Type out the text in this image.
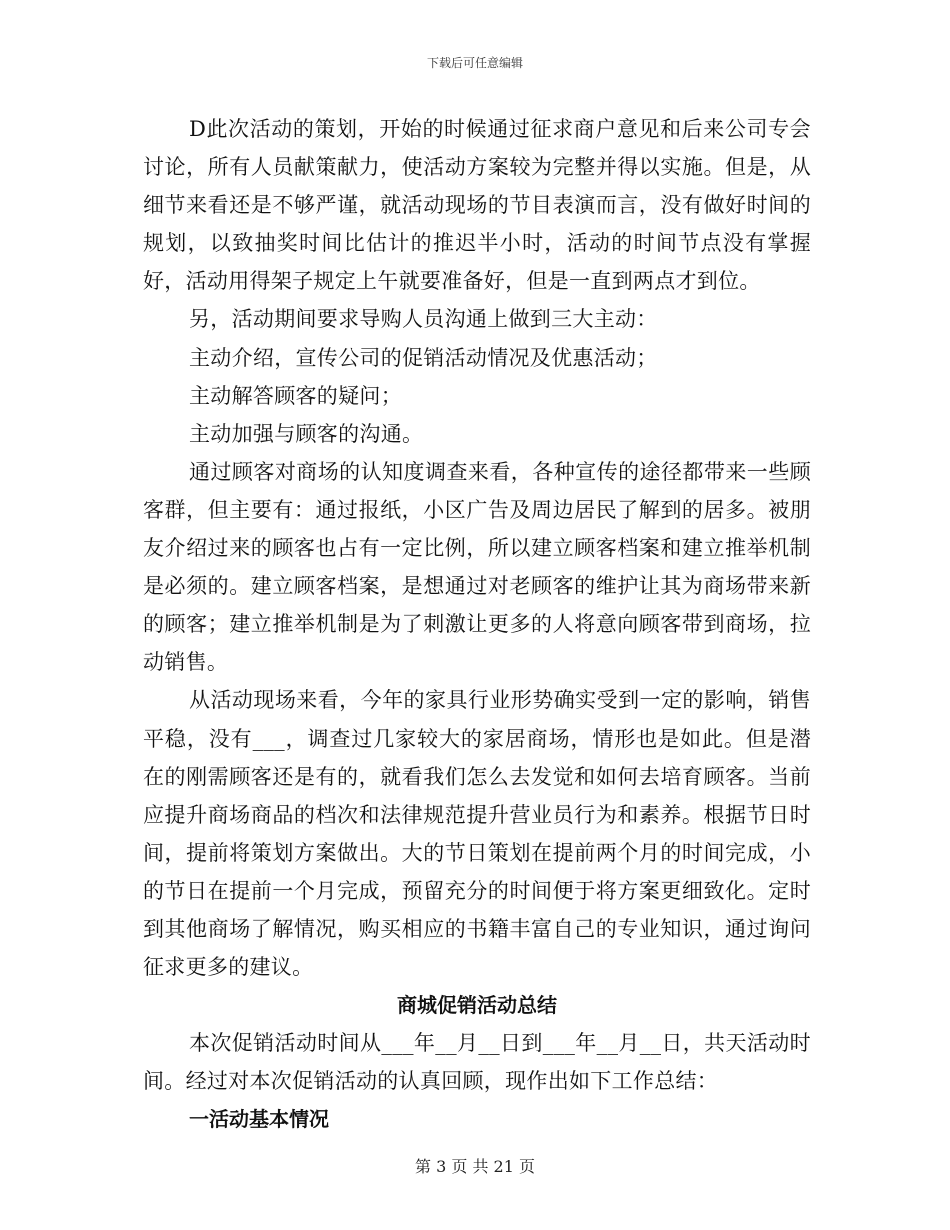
下载后可任意编辑

D此次活动的策划，开始的时候通过征求商户意见和后来公司专会讨论，所有人员献策献力，使活动方案较为完整并得以实施。但是，从细节来看还是不够严谨，就活动现场的节目表演而言，没有做好时间的规划，以致抽奖时间比估计的推迟半小时，活动的时间节点没有掌握好，活动用得架子规定上午就要准备好，但是一直到两点才到位。

另，活动期间要求导购人员沟通上做到三大主动：

主动介绍，宣传公司的促销活动情况及优惠活动；

主动解答顾客的疑问；

主动加强与顾客的沟通。

通过顾客对商场的认知度调查来看，各种宣传的途径都带来一些顾客群，但主要有：通过报纸，小区广告及周边居民了解到的居多。被朋友介绍过来的顾客也占有一定比例，所以建立顾客档案和建立推举机制是必须的。建立顾客档案，是想通过对老顾客的维护让其为商场带来新的顾客；建立推举机制是为了刺激让更多的人将意向顾客带到商场，拉动销售。

从活动现场来看，今年的家具行业形势确实受到一定的影响，销售平稳，没有___，调查过几家较大的家居商场，情形也是如此。但是潜在的刚需顾客还是有的，就看我们怎么去发觉和如何去培育顾客。当前应提升商场商品的档次和法律规范提升营业员行为和素养。根据节日时间，提前将策划方案做出。大的节日策划在提前两个月的时间完成，小的节日在提前一个月完成，预留充分的时间便于将方案更细致化。定时到其他商场了解情况，购买相应的书籍丰富自己的专业知识，通过询问征求更多的建议。

商城促销活动总结

本次促销活动时间从___年__月__日到___年__月__日，共天活动时间。经过对本次促销活动的认真回顾，现作出如下工作总结：

一活动基本情况

第 3 页 共 21 页
